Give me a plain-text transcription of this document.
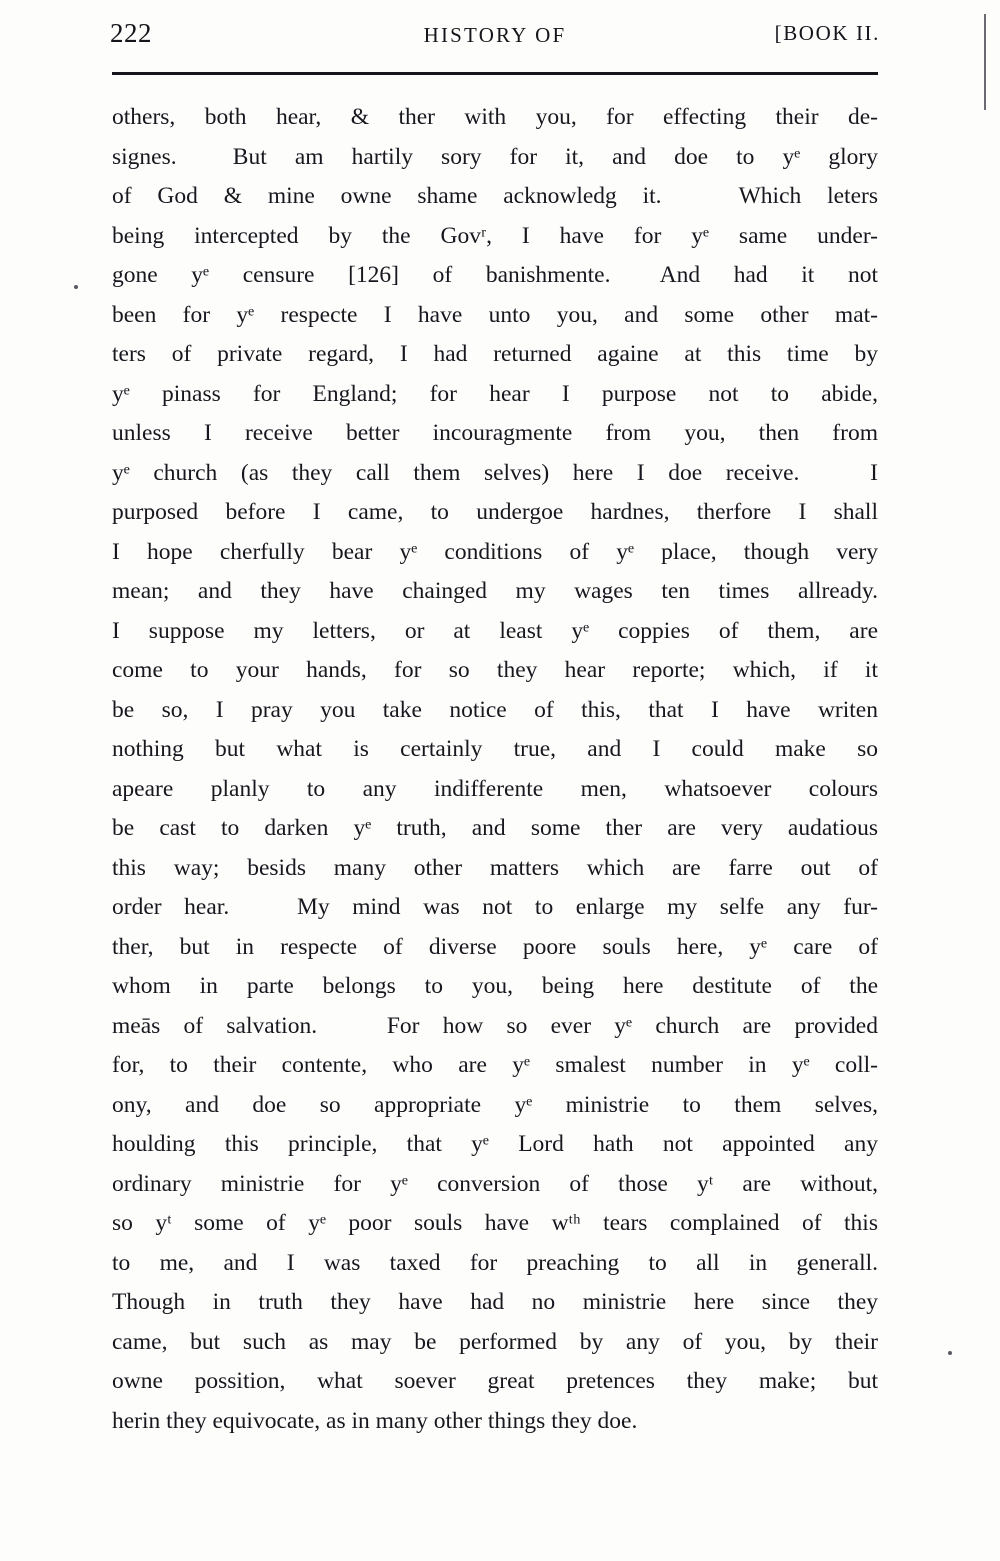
222	HISTORY OF	[BOOK II.

others, both hear, & ther with you, for effecting their de-
signes.  But am hartily sory for it, and doe to yᵉ glory
of God & mine owne shame acknowledg it.   Which leters
being intercepted by the Govʳ, I have for yᵉ same under-
gone  yᵉ  censure  [126]  of  banishmente.   And  had  it  not
been for yᵉ respecte I have unto you, and some other mat-
ters of private regard, I had returned againe at this time by
yᵉ pinass for England; for hear I purpose not to abide,
unless I receive better incouragmente from you, then from
yᵉ church (as they call them selves) here I doe receive.   I
purposed before I came, to undergoe hardnes, therfore I shall
I hope cherfully bear yᵉ conditions of yᵉ place, though very
mean; and they have chainged my wages ten times allready.
I suppose my letters, or at least yᵉ coppies of them, are
come to your hands, for so they hear reporte; which, if it
be so, I pray you take notice of this, that I have writen
nothing but what is certainly true, and I could make so
apeare planly to any indifferente men, whatsoever colours
be cast to darken yᵉ truth, and some ther are very audatious
this way; besids many other matters which are farre out of
order hear.   My mind was not to enlarge my selfe any fur-
ther, but in respecte of diverse poore souls here, yᵉ care of
whom in parte belongs to you, being here destitute of the
meās of salvation.   For how so ever yᵉ church are provided
for, to their contente, who are yᵉ smalest number in yᵉ coll-
ony, and doe so appropriate yᵉ ministrie to them selves,
houlding this principle, that yᵉ Lord hath not appointed any
ordinary ministrie for yᵉ conversion of those yᵗ are without,
so yᵗ some of yᵉ poor souls have wᵗʰ tears complained of this
to me, and I was taxed for preaching to all in generall.
Though in truth they have had no ministrie here since they
came, but such as may be performed by any of you, by their
owne possition, what soever great pretences they make; but
herin they equivocate, as in many other things they doe.
